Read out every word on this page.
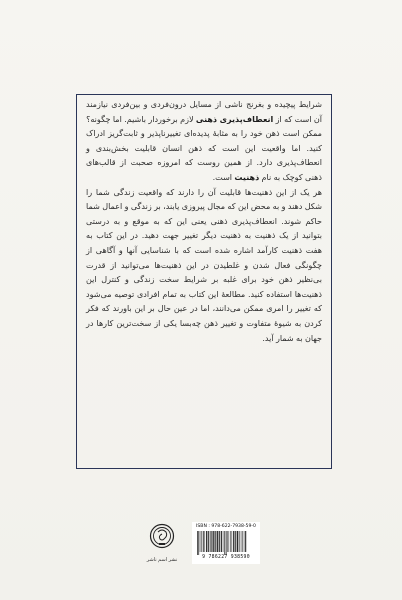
شرایط پیچیده و بغرنج ناشی از مسایل درون‌فردی و بین‌فردی نیازمند آن است که از انعطاف‌پذیری ذهنی لازم برخوردار باشیم. اما چگونه؟

ممکن است ذهن خود را به مثابهٔ پدیده‌ای تغییرناپذیر و ثابت‌گریز ادراک کنید. اما واقعیت این است که ذهن انسان قابلیت بخش‌بندی و انعطاف‌پذیری دارد. از همین روست که امروزه صحبت از قالب‌های ذهنی کوچک به نام ذهنیت است.

هر یک از این ذهنیت‌ها قابلیت آن را دارند که واقعیت زندگی شما را شکل دهند و به محض این که مجال پیروزی یابند، بر زندگی و اعمال شما حاکم شوند. انعطاف‌پذیری ذهنی یعنی این که به موقع و به درستی بتوانید از یک ذهنیت به ذهنیت دیگر تغییر جهت دهید. در این کتاب به هفت ذهنیت کارآمد اشاره شده است که با شناسایی آنها و آگاهی از چگونگی فعال شدن و غلطیدن در این ذهنیت‌ها می‌توانید از قدرت بی‌نظیر ذهن خود برای غلبه بر شرایط سخت زندگی و کنترل این ذهنیت‌ها استفاده کنید. مطالعهٔ این کتاب به تمام افرادی توصیه می‌شود که تغییر را امری ممکن می‌دانند، اما در عین حال بر این باورند که فکر کردن به شیوهٔ متفاوت و تغییر ذهن چه‌بسا یکی از سخت‌ترین کارها در جهان به شمار آید.

نشر اسم ناشر
ISBN : 978-622-7938-59-0
9 786227 938590
